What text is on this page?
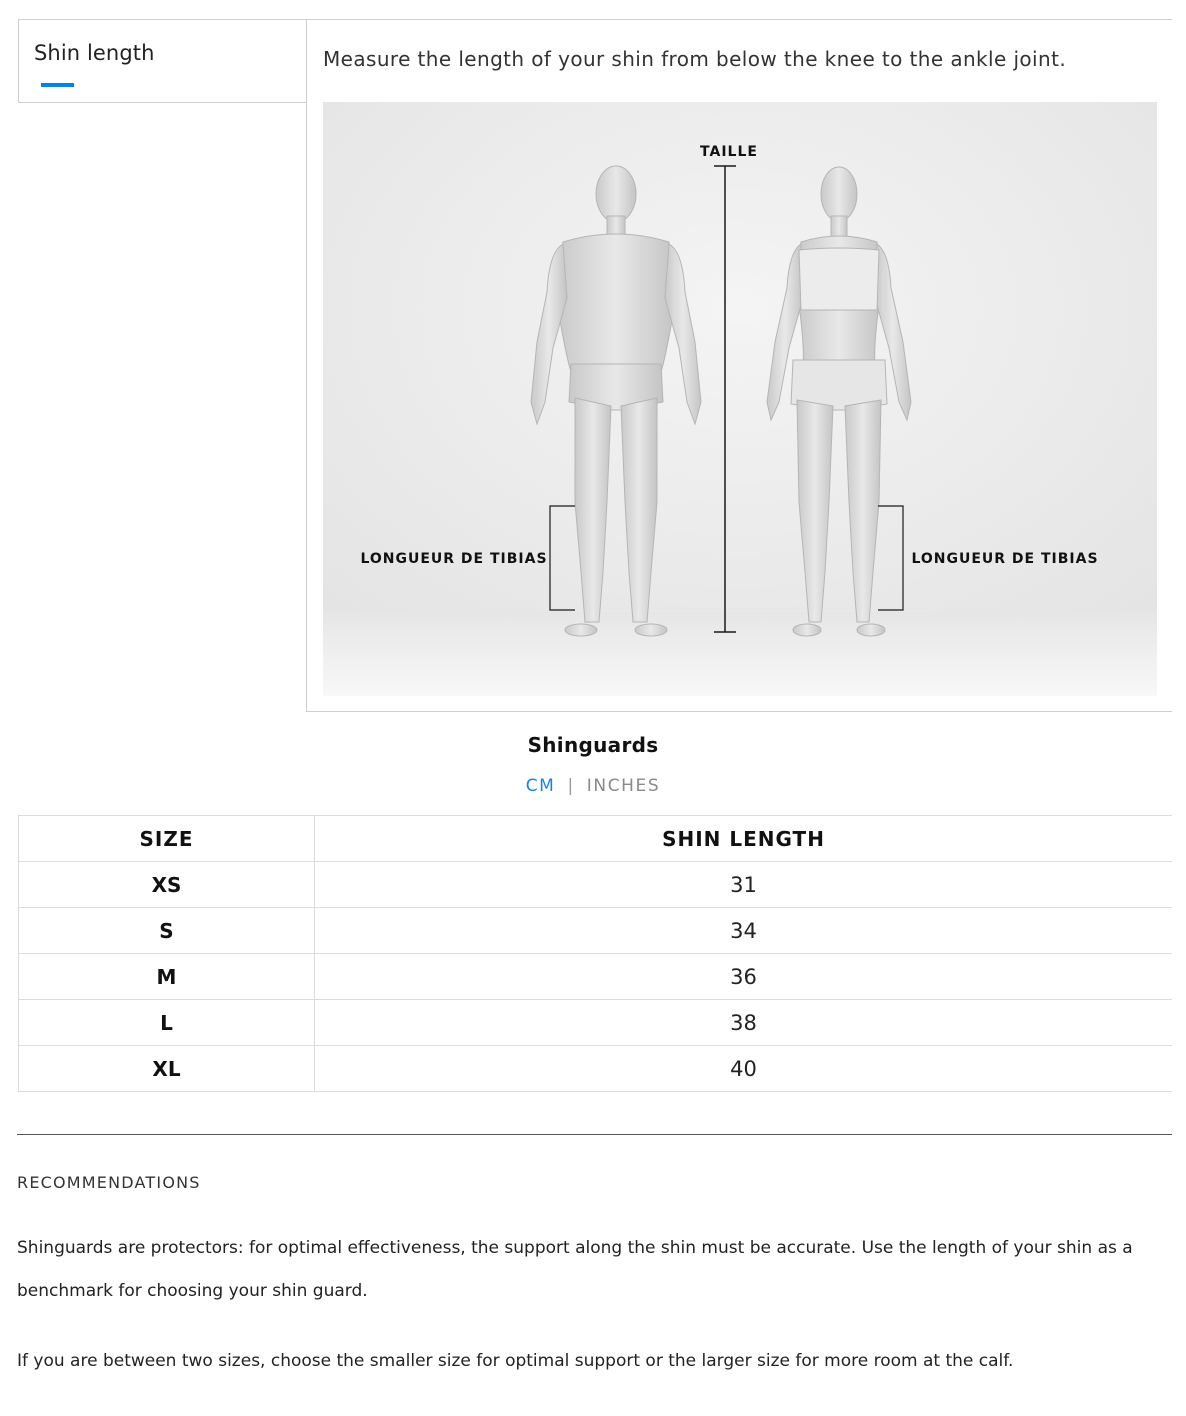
Shin length	Measure the length of your shin from below the knee to the ankle joint.
TAILLE
LONGUEUR DE TIBIAS	LONGUEUR DE TIBIAS
Shinguards
CM | INCHES
SIZE	SHIN LENGTH
XS	31
S	34
M	36
L	38
XL	40
RECOMMENDATIONS

Shinguards are protectors: for optimal effectiveness, the support along the shin must be accurate. Use the length of your shin as a benchmark for choosing your shin guard.

If you are between two sizes, choose the smaller size for optimal support or the larger size for more room at the calf.
